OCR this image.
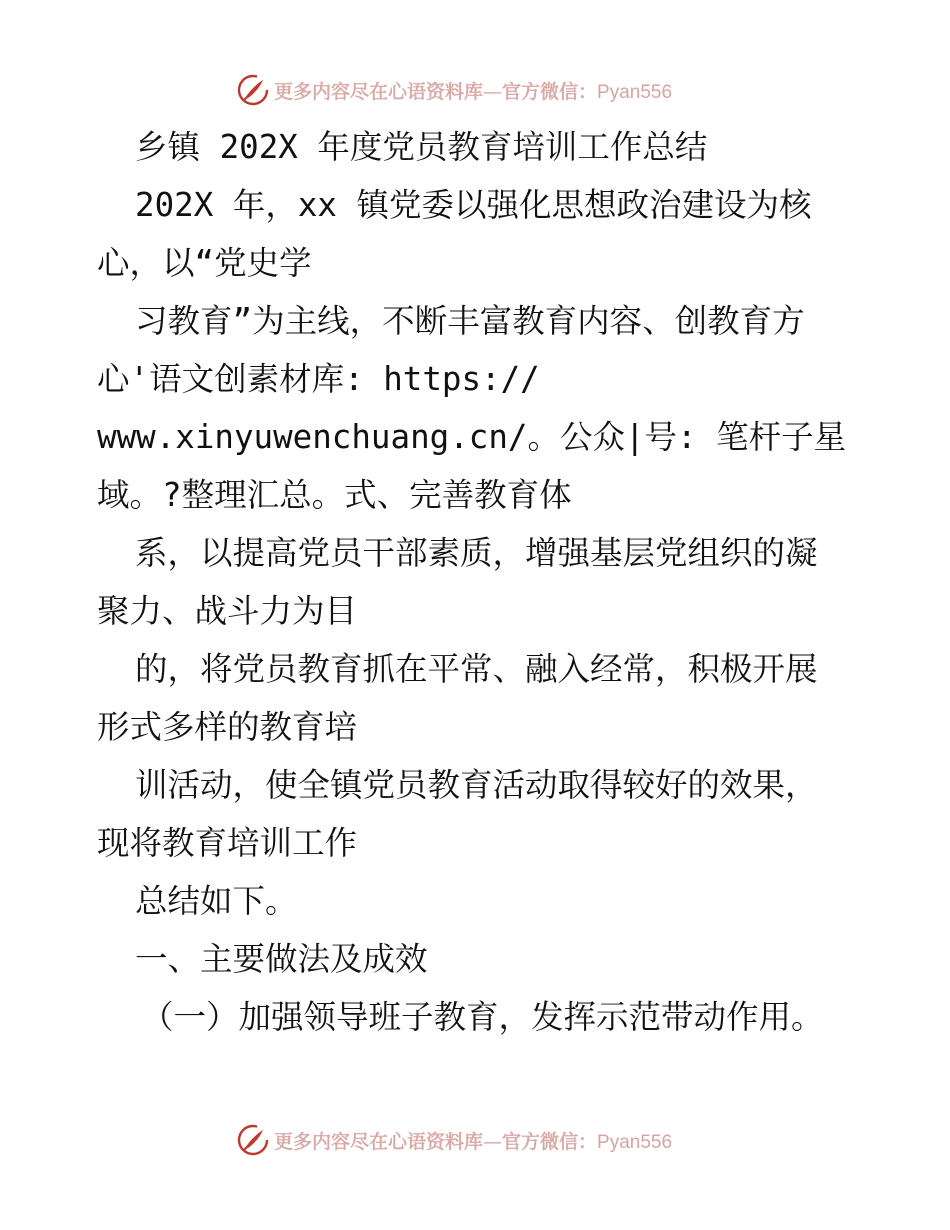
更多内容尽在心语资料库—官方微信：Pyan556
乡镇 202X 年度党员教育培训工作总结
202X 年，xx 镇党委以强化思想政治建设为核
心，以“党史学
习教育”为主线，不断丰富教育内容、创教育方
心'语文创素材库: https://
www.xinyuwenchuang.cn/。公众|号: 笔杆子星
域。?整理汇总。式、完善教育体
系，以提高党员干部素质，增强基层党组织的凝
聚力、战斗力为目
的，将党员教育抓在平常、融入经常，积极开展
形式多样的教育培
训活动，使全镇党员教育活动取得较好的效果，
现将教育培训工作
总结如下。
一、主要做法及成效
（一）加强领导班子教育，发挥示范带动作用。
更多内容尽在心语资料库—官方微信：Pyan556
